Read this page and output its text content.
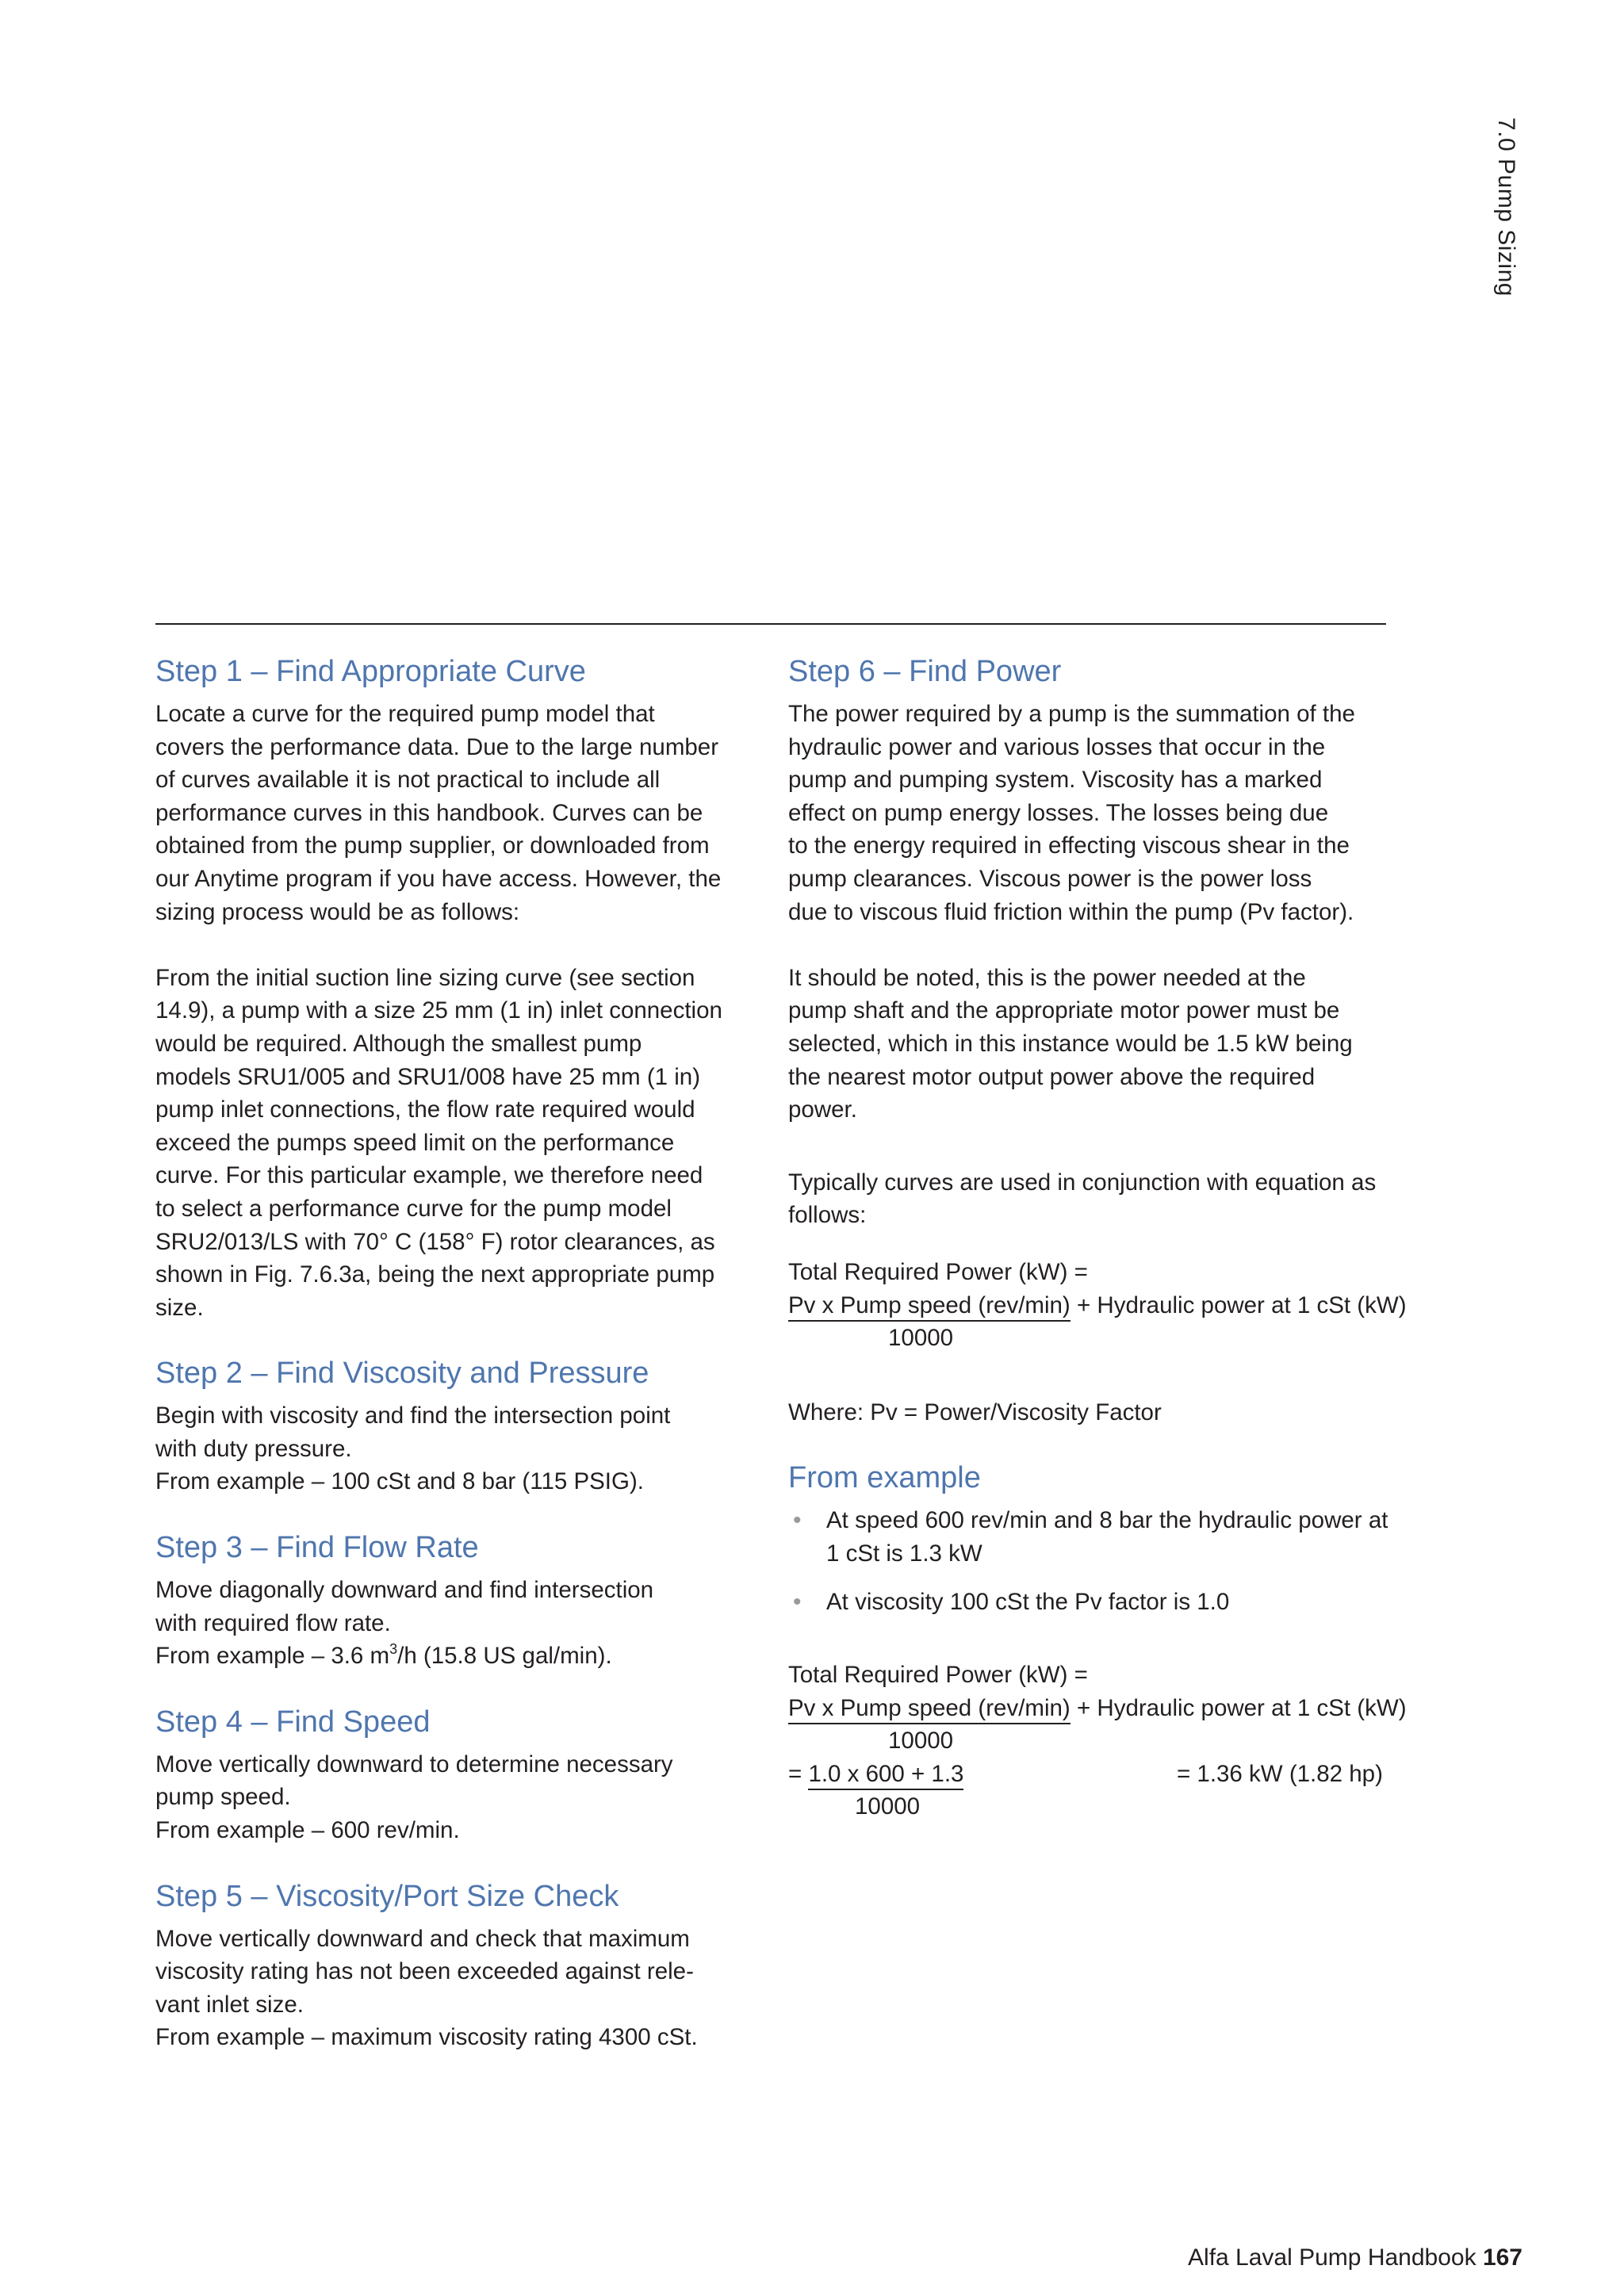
7.0 Pump Sizing
Step 1 – Find Appropriate Curve
Locate a curve for the required pump model that
covers the performance data. Due to the large number
of curves available it is not practical to include all
performance curves in this handbook. Curves can be
obtained from the pump supplier, or downloaded from
our Anytime program if you have access. However, the
sizing process would be as follows:
From the initial suction line sizing curve (see section
14.9), a pump with a size 25 mm (1 in) inlet connection
would be required. Although the smallest pump
models SRU1/005 and SRU1/008 have 25 mm (1 in)
pump inlet connections, the flow rate required would
exceed the pumps speed limit on the performance
curve. For this particular example, we therefore need
to select a performance curve for the pump model
SRU2/013/LS with 70° C (158° F) rotor clearances, as
shown in Fig. 7.6.3a, being the next appropriate pump
size.
Step 2 – Find Viscosity and Pressure
Begin with viscosity and find the intersection point
with duty pressure.
From example – 100 cSt and 8 bar (115 PSIG).
Step 3 – Find Flow Rate
Move diagonally downward and find intersection
with required flow rate.
From example – 3.6 $m^3/h$ (15.8 US gal/min).
Step 4 – Find Speed
Move vertically downward to determine necessary
pump speed.
From example – 600 rev/min.
Step 5 – Viscosity/Port Size Check
Move vertically downward and check that maximum
viscosity rating has not been exceeded against rele-
vant inlet size.
From example – maximum viscosity rating 4300 cSt.
Step 6 – Find Power
The power required by a pump is the summation of the
hydraulic power and various losses that occur in the
pump and pumping system. Viscosity has a marked
effect on pump energy losses. The losses being due
to the energy required in effecting viscous shear in the
pump clearances. Viscous power is the power loss
due to viscous fluid friction within the pump (Pv factor).
It should be noted, this is the power needed at the
pump shaft and the appropriate motor power must be
selected, which in this instance would be 1.5 kW being
the nearest motor output power above the required
power.
Typically curves are used in conjunction with equation as
follows:
Total Required Power (kW) =
Pv x Pump speed (rev/min) + Hydraulic power at 1 cSt (kW)
10000
Where: Pv = Power/Viscosity Factor
From example
• At speed 600 rev/min and 8 bar the hydraulic power at
1 cSt is 1.3 kW
• At viscosity 100 cSt the Pv factor is 1.0
Total Required Power (kW) =
Pv x Pump speed (rev/min) + Hydraulic power at 1 cSt (kW)
10000
= 1.0 x 600 + 1.3	= 1.36 kW (1.82 hp)
10000
Alfa Laval Pump Handbook 167
